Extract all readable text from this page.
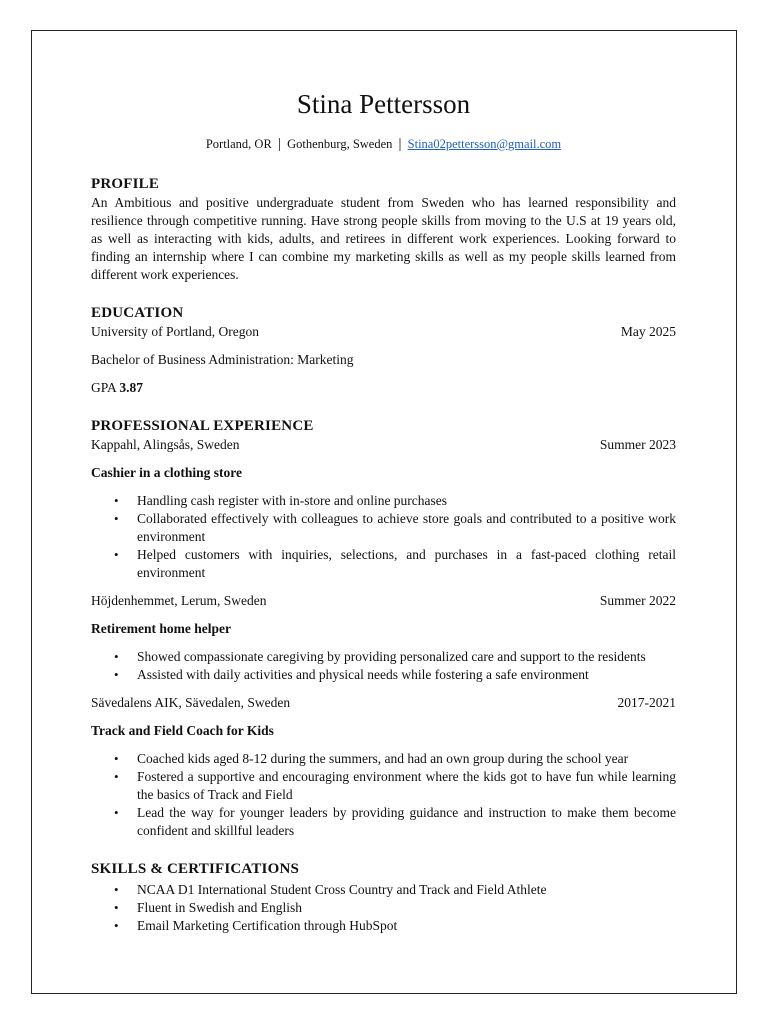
Stina Pettersson
Portland, OR | Gothenburg, Sweden | Stina02pettersson@gmail.com
PROFILE

An Ambitious and positive undergraduate student from Sweden who has learned responsibility and resilience through competitive running. Have strong people skills from moving to the U.S at 19 years old, as well as interacting with kids, adults, and retirees in different work experiences. Looking forward to finding an internship where I can combine my marketing skills as well as my people skills learned from different work experiences.

EDUCATION
University of Portland, Oregon	May 2025
Bachelor of Business Administration: Marketing
GPA 3.87
PROFESSIONAL EXPERIENCE
Kappahl, Alingsås, Sweden	Summer 2023
Cashier in a clothing store
• Handling cash register with in-store and online purchases
• Collaborated effectively with colleagues to achieve store goals and contributed to a positive work environment
• Helped customers with inquiries, selections, and purchases in a fast-paced clothing retail environment
Höjdenhemmet, Lerum, Sweden	Summer 2022
Retirement home helper
• Showed compassionate caregiving by providing personalized care and support to the residents
• Assisted with daily activities and physical needs while fostering a safe environment
Sävedalens AIK, Sävedalen, Sweden	2017-2021
Track and Field Coach for Kids
• Coached kids aged 8-12 during the summers, and had an own group during the school year
• Fostered a supportive and encouraging environment where the kids got to have fun while learning the basics of Track and Field
• Lead the way for younger leaders by providing guidance and instruction to make them become confident and skillful leaders
SKILLS & CERTIFICATIONS
• NCAA D1 International Student Cross Country and Track and Field Athlete
• Fluent in Swedish and English
• Email Marketing Certification through HubSpot
